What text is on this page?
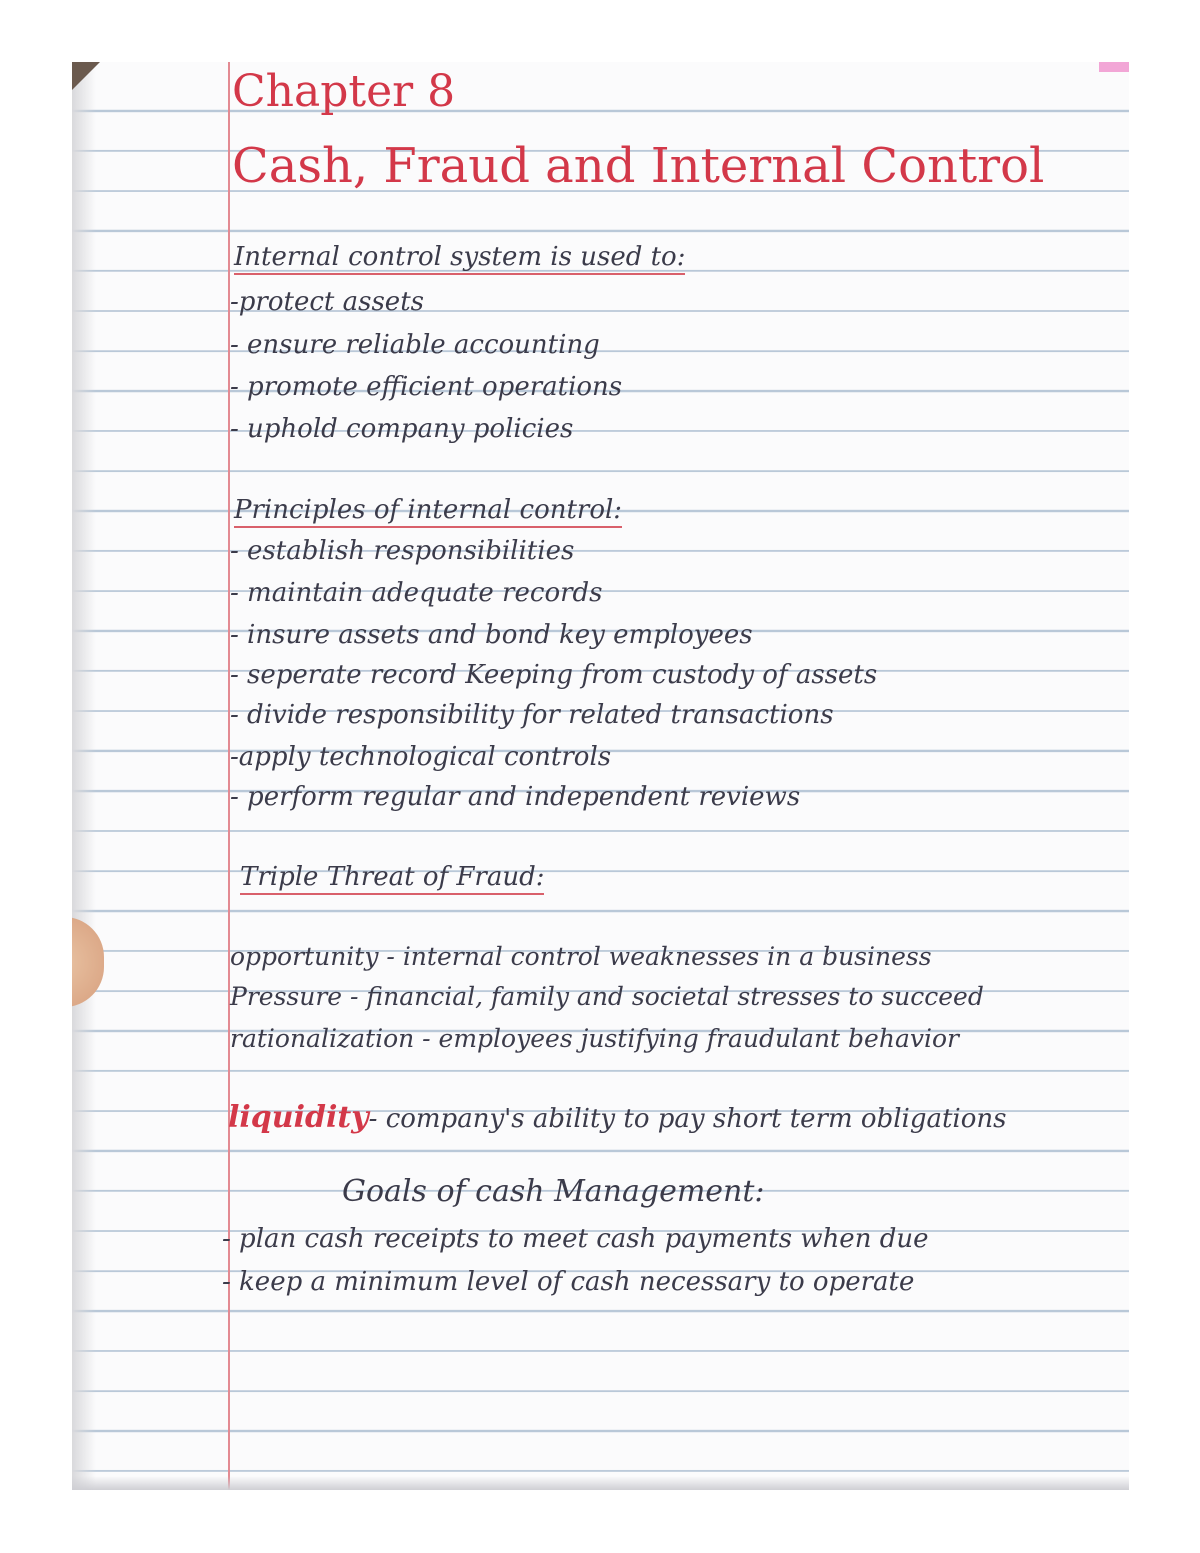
Chapter 8
Cash, Fraud and Internal Control
Internal control system is used to:
-protect assets
- ensure reliable accounting
- promote efficient operations
- uphold company policies
Principles of internal control:
- establish responsibilities
- maintain adequate records
- insure assets and bond key employees
- seperate record Keeping from custody of assets
- divide responsibility for related transactions
-apply technological controls
- perform regular and independent reviews
Triple Threat of Fraud:
opportunity - internal control weaknesses in a business
Pressure - financial, family and societal stresses to succeed
rationalization - employees justifying fraudulant behavior
liquidity- company's ability to pay short term obligations
Goals of cash Management:
- plan cash receipts to meet cash payments when due
- keep a minimum level of cash necessary to operate
